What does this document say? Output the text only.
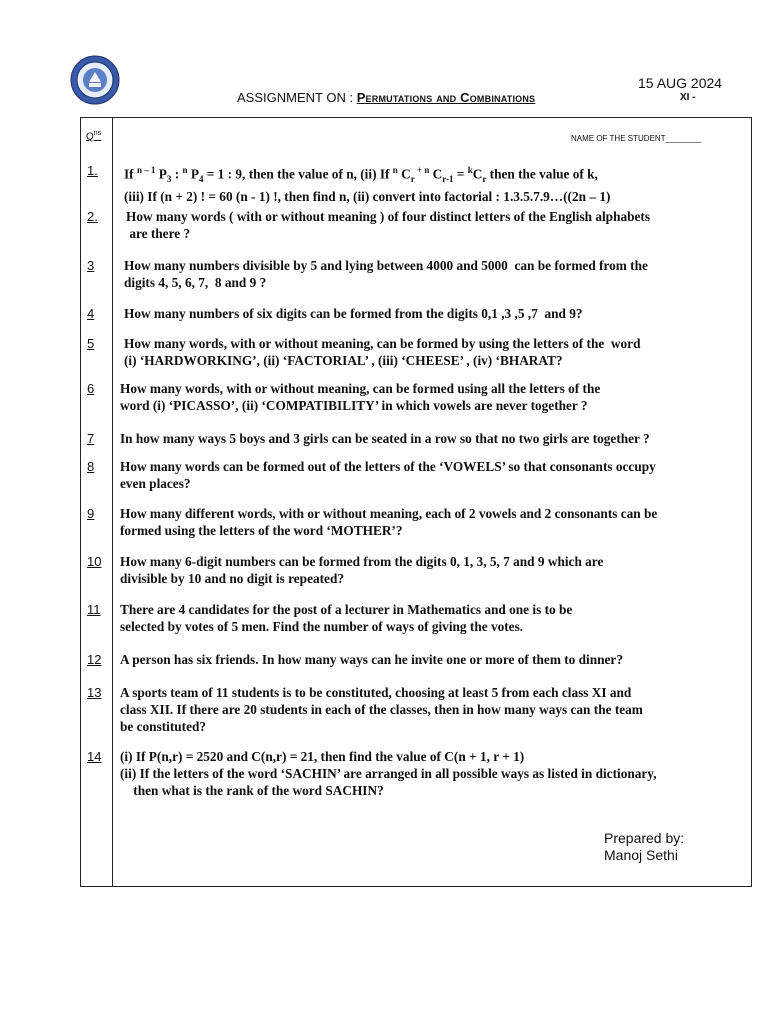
ASSIGNMENT ON : Permutations and Combinations
15 AUG 2024
XI -
$Q^{ns}$
NAME OF THE STUDENT________
1. If $^{n - 1}$ $P_3$ : $^n$ $P_4 = 1$ : 9, then the value of n, (ii) If $^n$ $C_r$ + $^n$ $C_{r-1} = ^kC_r$ then the value of k,
(iii) If (n + 2) ! = 60 (n - 1) !, then find n, (ii) convert into factorial : 1.3.5.7.9…((2n – 1)
2. How many words ( with or without meaning ) of four distinct letters of the English alphabets
are there ?
3 How many numbers divisible by 5 and lying between 4000 and 5000  can be formed from the
digits 4, 5, 6, 7,  8 and 9 ?
4 How many numbers of six digits can be formed from the digits 0,1 ,3 ,5 ,7  and 9?
5 How many words, with or without meaning, can be formed by using the letters of the  word
(i) ‘HARDWORKING’, (ii) ‘FACTORIAL’ , (iii) ‘CHEESE’ , (iv) ‘BHARAT?
6 How many words, with or without meaning, can be formed using all the letters of the
word (i) ‘PICASSO’, (ii) ‘COMPATIBILITY’ in which vowels are never together ?
7 In how many ways 5 boys and 3 girls can be seated in a row so that no two girls are together ?
8 How many words can be formed out of the letters of the ‘VOWELS’ so that consonants occupy
even places?
9 How many different words, with or without meaning, each of 2 vowels and 2 consonants can be
formed using the letters of the word ‘MOTHER’?
10 How many 6-digit numbers can be formed from the digits 0, 1, 3, 5, 7 and 9 which are
divisible by 10 and no digit is repeated?
11 There are 4 candidates for the post of a lecturer in Mathematics and one is to be
selected by votes of 5 men. Find the number of ways of giving the votes.
12 A person has six friends. In how many ways can he invite one or more of them to dinner?
13 A sports team of 11 students is to be constituted, choosing at least 5 from each class XI and
class XII. If there are 20 students in each of the classes, then in how many ways can the team
be constituted?
14 (i) If P(n,r) = 2520 and C(n,r) = 21, then find the value of C(n + 1, r + 1)
(ii) If the letters of the word ‘SACHIN’ are arranged in all possible ways as listed in dictionary,
then what is the rank of the word SACHIN?
Prepared by:
Manoj Sethi
